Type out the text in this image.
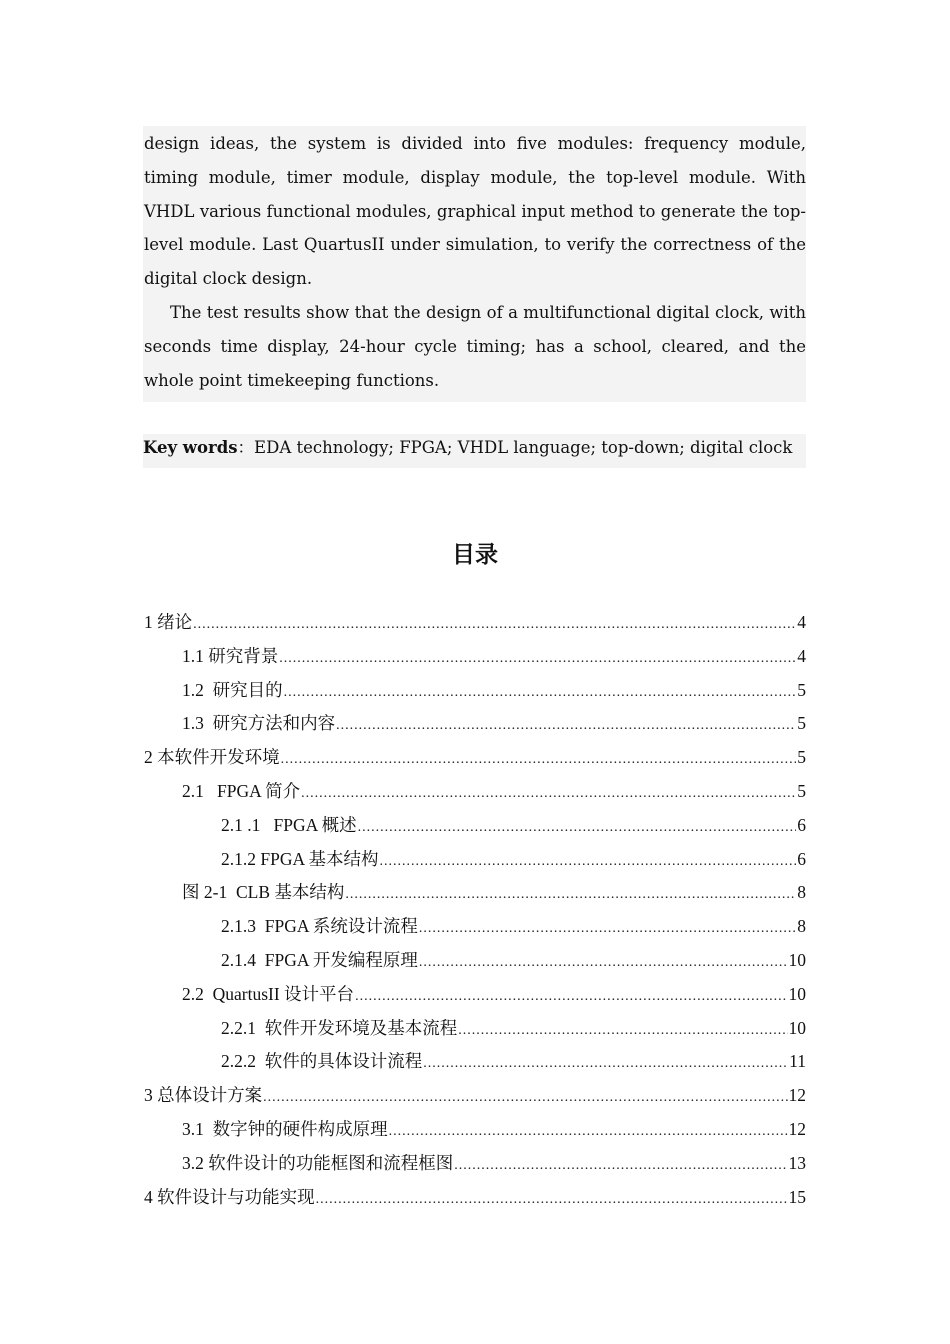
design ideas, the system is divided into five modules: frequency module, timing module, timer module, display module, the top-level module. With VHDL various functional modules, graphical input method to generate the top-level module. Last QuartusII under simulation, to verify the correctness of the digital clock design.

The test results show that the design of a multifunctional digital clock, with seconds time display, 24-hour cycle timing; has a school, cleared, and the whole point timekeeping functions.

Key words：EDA technology; FPGA; VHDL language; top-down; digital clock
目录
1 绪论 .....	4
1.1 研究背景 .....	4
1.2  研究目的 .....	5
1.3  研究方法和内容 .....	5
2 本软件开发环境 .....	5
2.1   FPGA 简介 .....	5
2.1 .1   FPGA 概述 .....	6
2.1.2 FPGA 基本结构 .....	6
图 2-1  CLB 基本结构 .....	8
2.1.3  FPGA 系统设计流程 .....	8
2.1.4  FPGA 开发编程原理 .....	10
2.2  QuartusII 设计平台 .....	10
2.2.1  软件开发环境及基本流程 .....	10
2.2.2  软件的具体设计流程 .....	11
3 总体设计方案 .....	12
3.1  数字钟的硬件构成原理 .....	12
3.2 软件设计的功能框图和流程框图 .....	13
4 软件设计与功能实现 .....	15
